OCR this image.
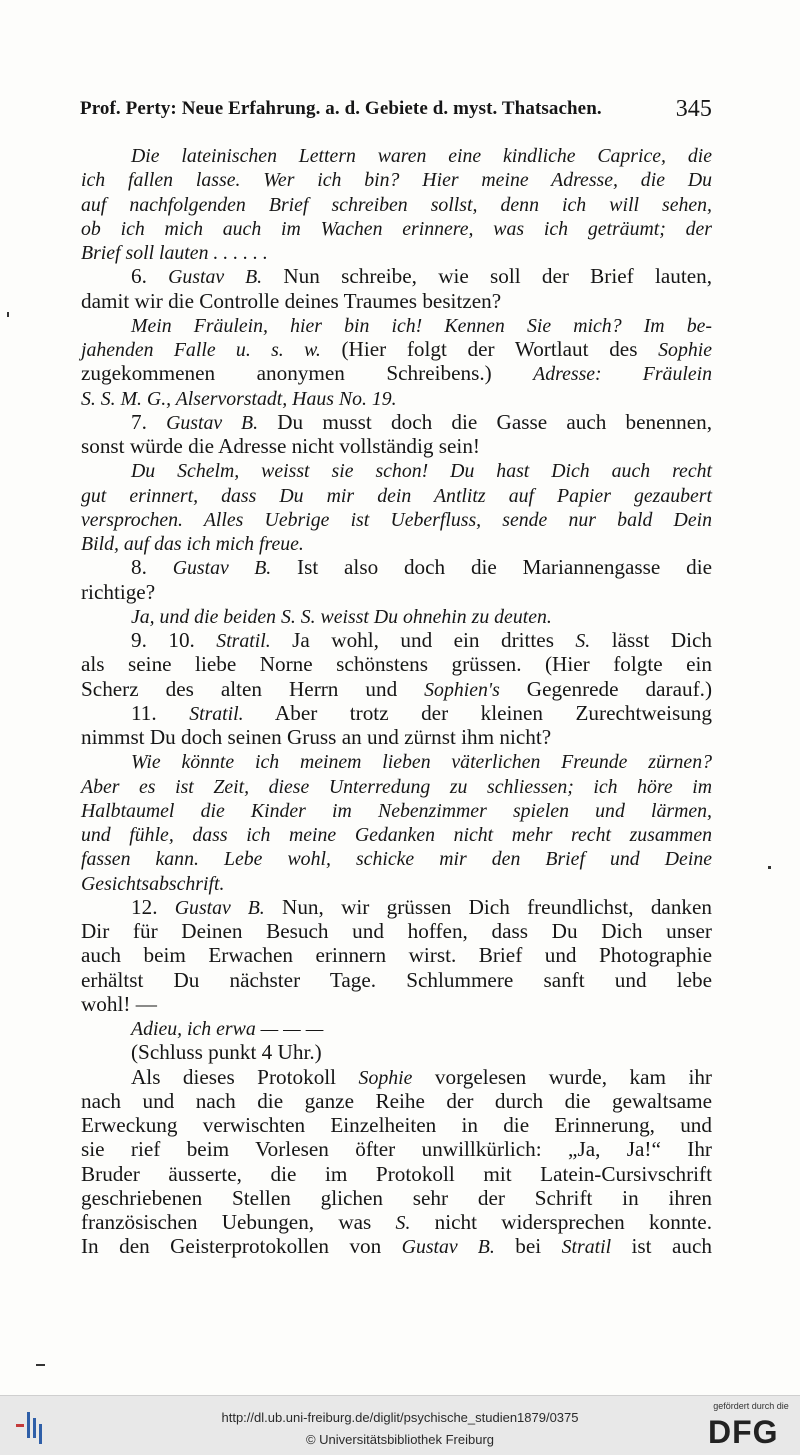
Prof. Perty: Neue Erfahrung. a. d. Gebiete d. myst. Thatsachen.	345
Die lateinischen Lettern waren eine kindliche Caprice, die
ich fallen lasse. Wer ich bin? Hier meine Adresse, die Du
auf nachfolgenden Brief schreiben sollst, denn ich will sehen,
ob ich mich auch im Wachen erinnere, was ich geträumt; der
Brief soll lauten . . . . . .
6. Gustav B. Nun schreibe, wie soll der Brief lauten,
damit wir die Controlle deines Traumes besitzen?
Mein Fräulein, hier bin ich! Kennen Sie mich? Im be-
jahenden Falle u. s. w. (Hier folgt der Wortlaut des Sophie
zugekommenen anonymen Schreibens.) Adresse: Fräulein
S. S. M. G., Alservorstadt, Haus No. 19.
7. Gustav B. Du musst doch die Gasse auch benennen,
sonst würde die Adresse nicht vollständig sein!
Du Schelm, weisst sie schon! Du hast Dich auch recht
gut erinnert, dass Du mir dein Antlitz auf Papier gezaubert
versprochen. Alles Uebrige ist Ueberfluss, sende nur bald Dein
Bild, auf das ich mich freue.
8. Gustav B. Ist also doch die Mariannengasse die
richtige?
Ja, und die beiden S. S. weisst Du ohnehin zu deuten.
9. 10. Stratil. Ja wohl, und ein drittes S. lässt Dich
als seine liebe Norne schönstens grüssen. (Hier folgte ein
Scherz des alten Herrn und Sophien's Gegenrede darauf.)
11. Stratil. Aber trotz der kleinen Zurechtweisung
nimmst Du doch seinen Gruss an und zürnst ihm nicht?
Wie könnte ich meinem lieben väterlichen Freunde zürnen?
Aber es ist Zeit, diese Unterredung zu schliessen; ich höre im
Halbtaumel die Kinder im Nebenzimmer spielen und lärmen,
und fühle, dass ich meine Gedanken nicht mehr recht zusammen
fassen kann. Lebe wohl, schicke mir den Brief und Deine
Gesichtsabschrift.
12. Gustav B. Nun, wir grüssen Dich freundlichst, danken
Dir für Deinen Besuch und hoffen, dass Du Dich unser
auch beim Erwachen erinnern wirst. Brief und Photographie
erhältst Du nächster Tage. Schlummere sanft und lebe
wohl! —
Adieu, ich erwa — — —
(Schluss punkt 4 Uhr.)
Als dieses Protokoll Sophie vorgelesen wurde, kam ihr
nach und nach die ganze Reihe der durch die gewaltsame
Erweckung verwischten Einzelheiten in die Erinnerung, und
sie rief beim Vorlesen öfter unwillkürlich: „Ja, Ja!“ Ihr
Bruder äusserte, die im Protokoll mit Latein-Cursivschrift
geschriebenen Stellen glichen sehr der Schrift in ihren
französischen Uebungen, was S. nicht widersprechen konnte.
In den Geisterprotokollen von Gustav B. bei Stratil ist auch
http://dl.ub.uni-freiburg.de/diglit/psychische_studien1879/0375
© Universitätsbibliothek Freiburg
gefördert durch die
DFG
